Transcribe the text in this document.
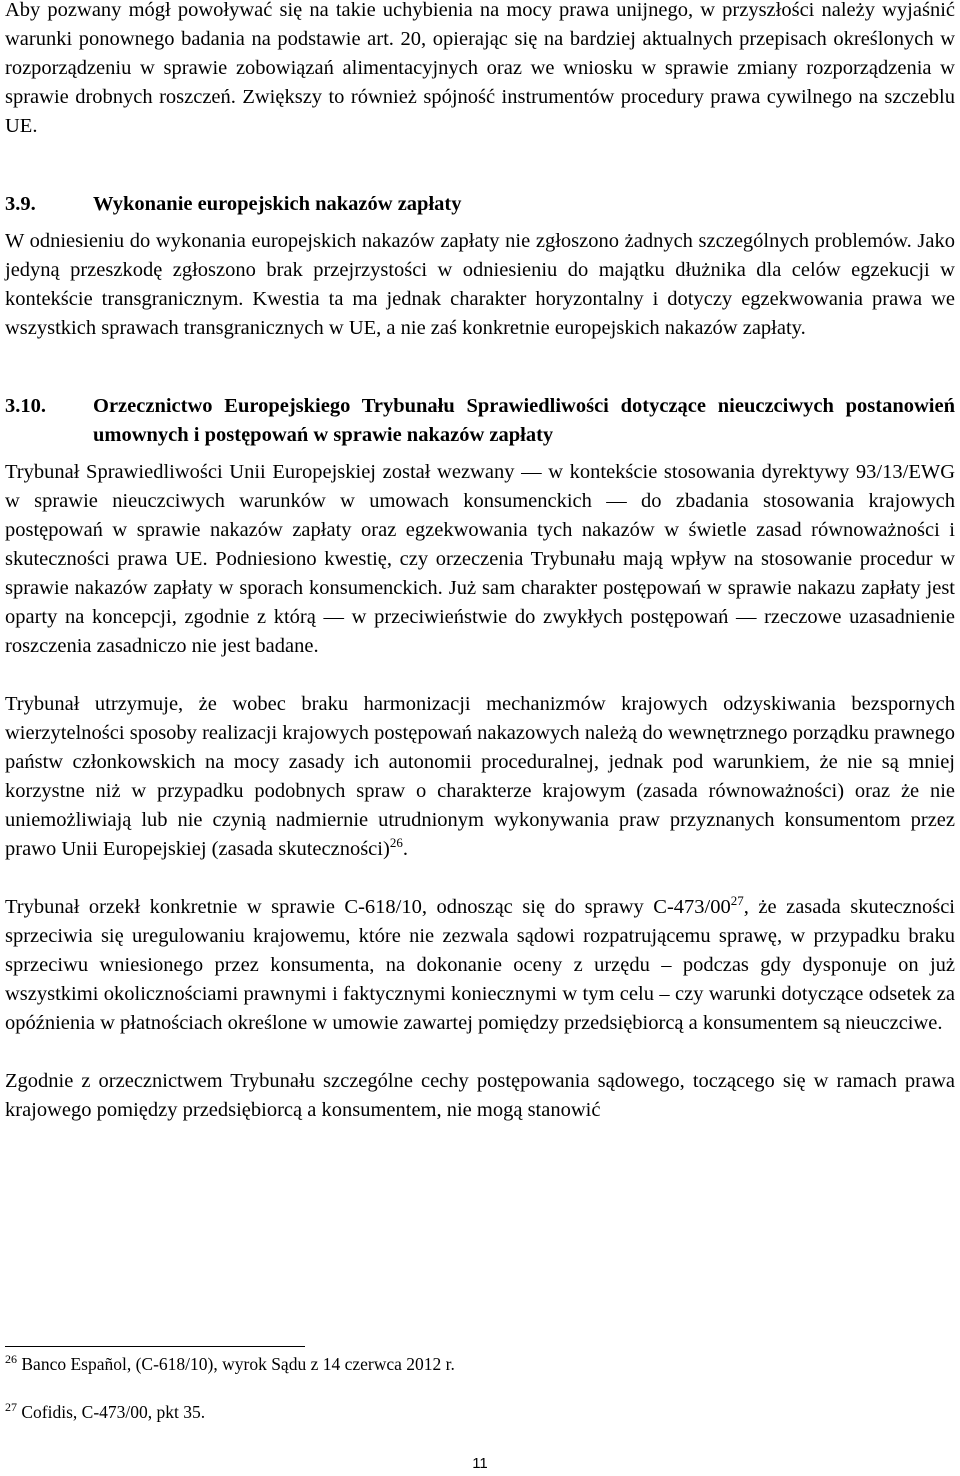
Aby pozwany mógł powoływać się na takie uchybienia na mocy prawa unijnego, w przyszłości należy wyjaśnić warunki ponownego badania na podstawie art. 20, opierając się na bardziej aktualnych przepisach określonych w rozporządzeniu w sprawie zobowiązań alimentacyjnych oraz we wniosku w sprawie zmiany rozporządzenia w sprawie drobnych roszczeń. Zwiększy to również spójność instrumentów procedury prawa cywilnego na szczeblu UE.

3.9.	Wykonanie europejskich nakazów zapłaty

W odniesieniu do wykonania europejskich nakazów zapłaty nie zgłoszono żadnych szczególnych problemów. Jako jedyną przeszkodę zgłoszono brak przejrzystości w odniesieniu do majątku dłużnika dla celów egzekucji w kontekście transgranicznym. Kwestia ta ma jednak charakter horyzontalny i dotyczy egzekwowania prawa we wszystkich sprawach transgranicznych w UE, a nie zaś konkretnie europejskich nakazów zapłaty.

3.10.	Orzecznictwo Europejskiego Trybunału Sprawiedliwości dotyczące nieuczciwych postanowień umownych i postępowań w sprawie nakazów zapłaty

Trybunał Sprawiedliwości Unii Europejskiej został wezwany — w kontekście stosowania dyrektywy 93/13/EWG w sprawie nieuczciwych warunków w umowach konsumenckich — do zbadania stosowania krajowych postępowań w sprawie nakazów zapłaty oraz egzekwowania tych nakazów w świetle zasad równoważności i skuteczności prawa UE. Podniesiono kwestię, czy orzeczenia Trybunału mają wpływ na stosowanie procedur w sprawie nakazów zapłaty w sporach konsumenckich. Już sam charakter postępowań w sprawie nakazu zapłaty jest oparty na koncepcji, zgodnie z którą — w przeciwieństwie do zwykłych postępowań — rzeczowe uzasadnienie roszczenia zasadniczo nie jest badane.

Trybunał utrzymuje, że wobec braku harmonizacji mechanizmów krajowych odzyskiwania bezspornych wierzytelności sposoby realizacji krajowych postępowań nakazowych należą do wewnętrznego porządku prawnego państw członkowskich na mocy zasady ich autonomii proceduralnej, jednak pod warunkiem, że nie są mniej korzystne niż w przypadku podobnych spraw o charakterze krajowym (zasada równoważności) oraz że nie uniemożliwiają lub nie czynią nadmiernie utrudnionym wykonywania praw przyznanych konsumentom przez prawo Unii Europejskiej (zasada skuteczności)$^{26}$.

Trybunał orzekł konkretnie w sprawie C-618/10, odnosząc się do sprawy $C-473/00^{27}$, że zasada skuteczności sprzeciwia się uregulowaniu krajowemu, które nie zezwala sądowi rozpatrującemu sprawę, w przypadku braku sprzeciwu wniesionego przez konsumenta, na dokonanie oceny z urzędu – podczas gdy dysponuje on już wszystkimi okolicznościami prawnymi i faktycznymi koniecznymi w tym celu – czy warunki dotyczące odsetek za opóźnienia w płatnościach określone w umowie zawartej pomiędzy przedsiębiorcą a konsumentem są nieuczciwe.

Zgodnie z orzecznictwem Trybunału szczególne cechy postępowania sądowego, toczącego się w ramach prawa krajowego pomiędzy przedsiębiorcą a konsumentem, nie mogą stanowić

$^{26}$ Banco Español, (C-618/10), wyrok Sądu z 14 czerwca 2012 r.

$^{27}$ Cofidis, C-473/00, pkt 35.

11
